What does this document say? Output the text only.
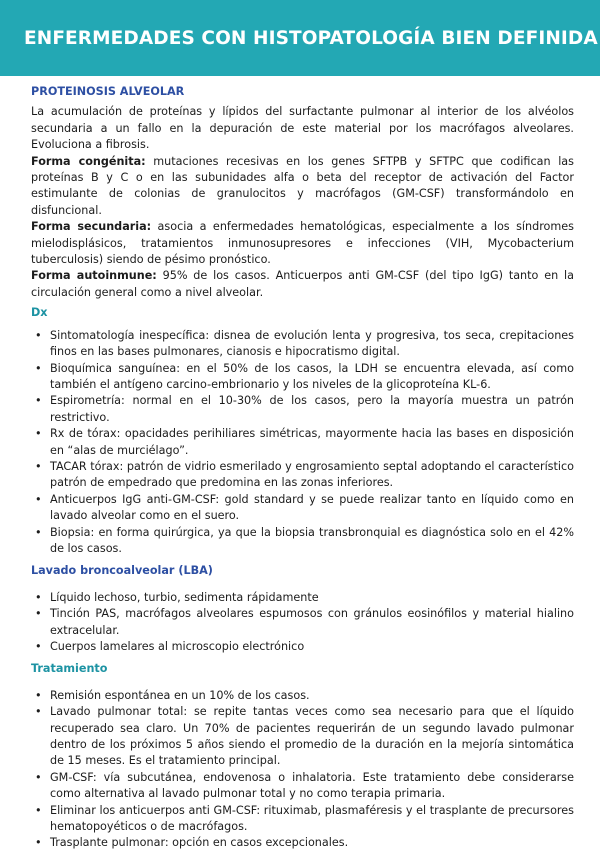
ENFERMEDADES CON HISTOPATOLOGÍA BIEN DEFINIDA
PROTEINOSIS ALVEOLAR

La acumulación de proteínas y lípidos del surfactante pulmonar al interior de los alvéolos secundaria a un fallo en la depuración de este material por los macrófagos alveolares. Evoluciona a fibrosis.

Forma congénita: mutaciones recesivas en los genes SFTPB y SFTPC que codifican las proteínas B y C o en las subunidades alfa o beta del receptor de activación del Factor estimulante de colonias de granulocitos y macrófagos (GM-CSF) transformándolo en disfuncional.

Forma secundaria: asocia a enfermedades hematológicas, especialmente a los síndromes mielodisplásicos, tratamientos inmunosupresores e infecciones (VIH, Mycobacterium tuberculosis) siendo de pésimo pronóstico.

Forma autoinmune: 95% de los casos. Anticuerpos anti GM-CSF (del tipo IgG) tanto en la circulación general como a nivel alveolar.

Dx
• Sintomatología inespecífica: disnea de evolución lenta y progresiva, tos seca, crepitaciones finos en las bases pulmonares, cianosis e hipocratismo digital.
• Bioquímica sanguínea: en el 50% de los casos, la LDH se encuentra elevada, así como también el antígeno carcino-embrionario y los niveles de la glicoproteína KL-6.
• Espirometría: normal en el 10-30% de los casos, pero la mayoría muestra un patrón restrictivo.
• Rx de tórax: opacidades perihiliares simétricas, mayormente hacia las bases en disposición en “alas de murciélago”.
• TACAR tórax: patrón de vidrio esmerilado y engrosamiento septal adoptando el característico patrón de empedrado que predomina en las zonas inferiores.
• Anticuerpos IgG anti-GM-CSF: gold standard y se puede realizar tanto en líquido como en lavado alveolar como en el suero.
• Biopsia: en forma quirúrgica, ya que la biopsia transbronquial es diagnóstica solo en el 42% de los casos.
Lavado broncoalveolar (LBA)
• Líquido lechoso, turbio, sedimenta rápidamente
• Tinción PAS, macrófagos alveolares espumosos con gránulos eosinófilos y material hialino extracelular.
• Cuerpos lamelares al microscopio electrónico
Tratamiento
• Remisión espontánea en un 10% de los casos.
• Lavado pulmonar total: se repite tantas veces como sea necesario para que el líquido recuperado sea claro. Un 70% de pacientes requerirán de un segundo lavado pulmonar dentro de los próximos 5 años siendo el promedio de la duración en la mejoría sintomática de 15 meses. Es el tratamiento principal.
• GM-CSF: vía subcutánea, endovenosa o inhalatoria. Este tratamiento debe considerarse como alternativa al lavado pulmonar total y no como terapia primaria.
• Eliminar los anticuerpos anti GM-CSF: rituximab, plasmaféresis y el trasplante de precursores hematopoyéticos o de macrófagos.
• Trasplante pulmonar: opción en casos excepcionales.
